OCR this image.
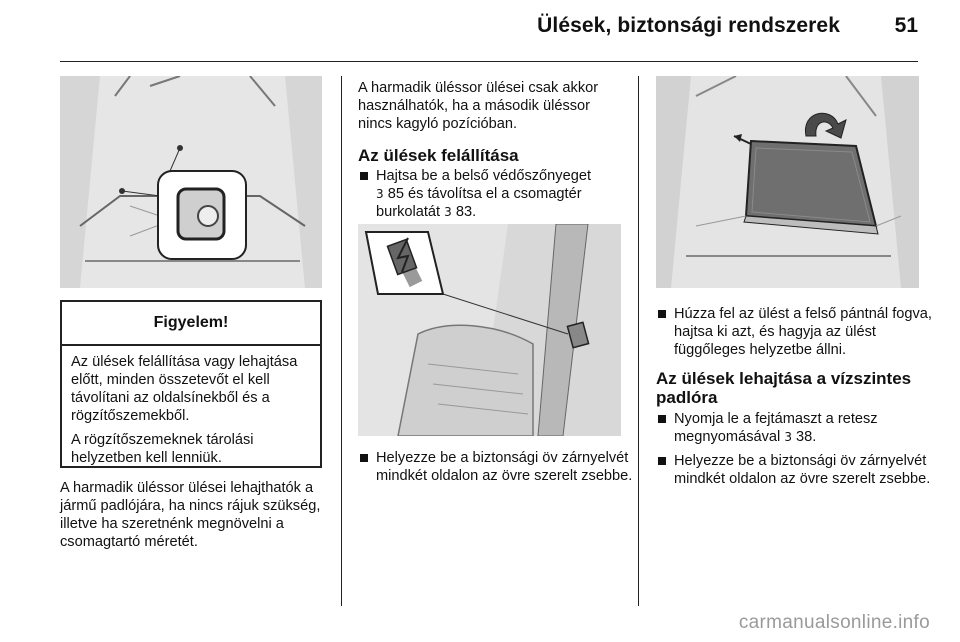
Ülések, biztonsági rendszerek	51
Figyelem!

Az ülések felállítása vagy lehajtása előtt, minden összetevőt el kell távolítani az oldalsínekből és a rögzítőszemekből.

A rögzítőszemeknek tárolási helyzetben kell lenniük.

A harmadik üléssor ülései lehajthatók a jármű padlójára, ha nincs rájuk szükség, illetve ha szeretnénk megnövelni a csomagtartó méretét.

A harmadik üléssor ülései csak akkor használhatók, ha a második üléssor nincs kagyló pozícióban.

Az ülések felállítása
Hajtsa be a belső védőszőnyeget
3 85 és távolítsa el a csomagtér
burkolatát 3 83.
Helyezze be a biztonsági öv zárnyelvét mindkét oldalon az övre szerelt zsebbe.
Húzza fel az ülést a felső pántnál fogva, hajtsa ki azt, és hagyja az ülést függőleges helyzetbe állni.
Az ülések lehajtása a vízszintes padlóra
Nyomja le a fejtámaszt a retesz megnyomásával 3 38.
Helyezze be a biztonsági öv zárnyelvét mindkét oldalon az övre szerelt zsebbe.
carmanualsonline.info
